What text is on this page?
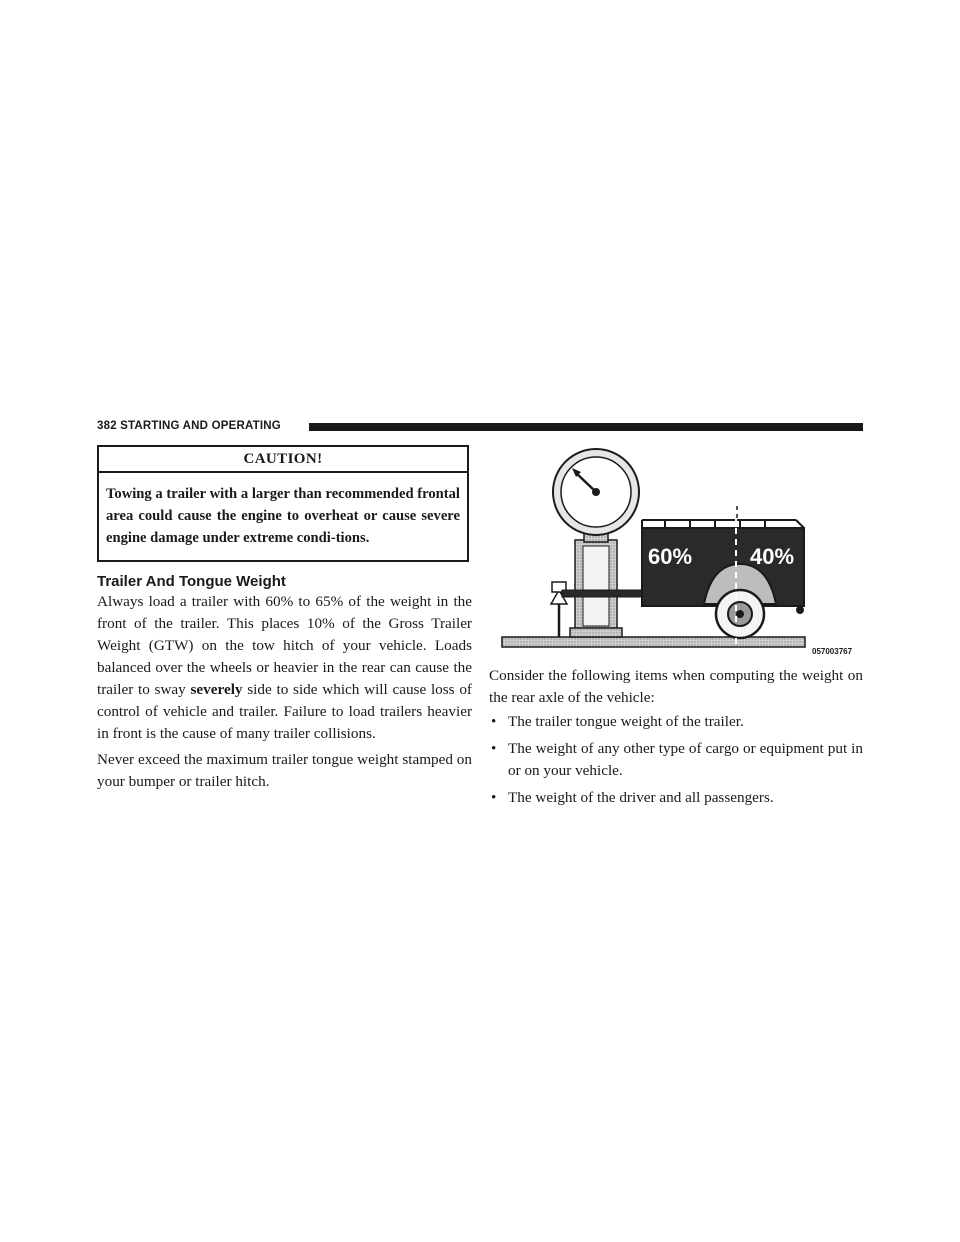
382 STARTING AND OPERATING
CAUTION!
Towing a trailer with a larger than recommended frontal area could cause the engine to overheat or cause severe engine damage under extreme condi-tions.
Trailer And Tongue Weight

Always load a trailer with 60% to 65% of the weight in the front of the trailer. This places 10% of the Gross Trailer Weight (GTW) on the tow hitch of your vehicle. Loads balanced over the wheels or heavier in the rear can cause the trailer to sway severely side to side which will cause loss of control of vehicle and trailer. Failure to load trailers heavier in front is the cause of many trailer collisions.

Never exceed the maximum trailer tongue weight stamped on your bumper or trailer hitch.

60%	40%
057003767

Consider the following items when computing the weight on the rear axle of the vehicle:

• The trailer tongue weight of the trailer.
• The weight of any other type of cargo or equipment put in or on your vehicle.
• The weight of the driver and all passengers.
